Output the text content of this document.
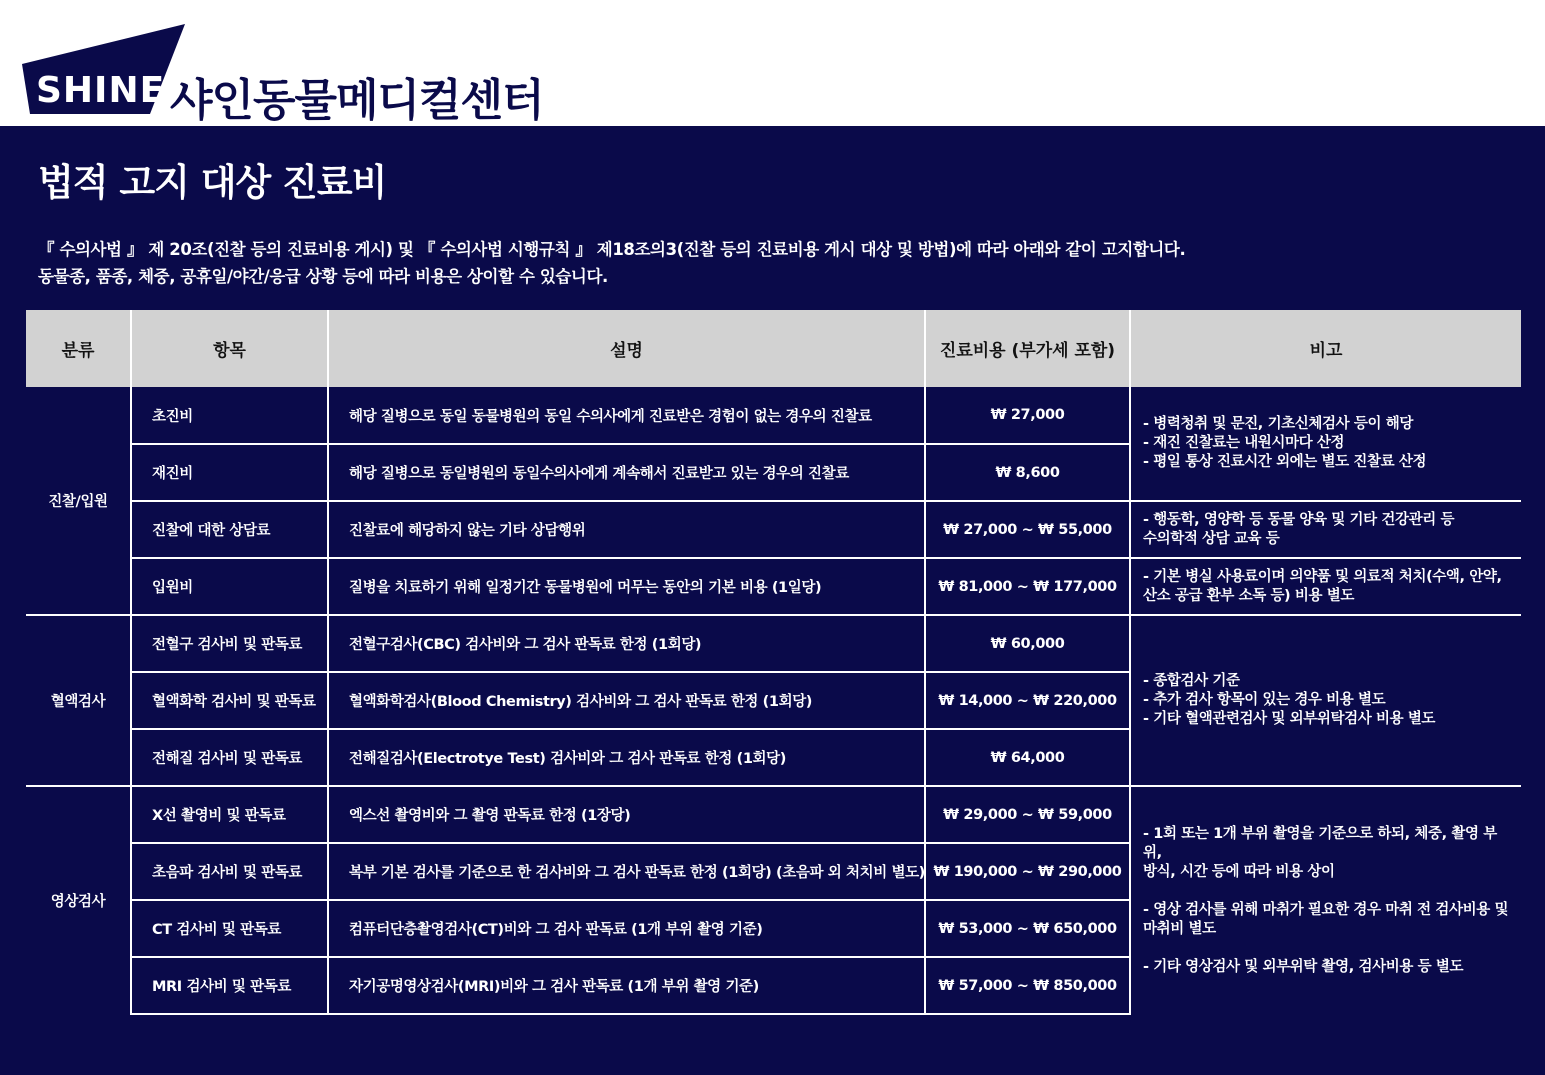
SHINE 샤인동물메디컬센터
법적 고지 대상 진료비
『 수의사법 』 제 20조(진찰 등의 진료비용 게시) 및 『 수의사법 시행규칙 』 제18조의3(진찰 등의 진료비용 게시 대상 및 방법)에 따라 아래와 같이 고지합니다.
동물종, 품종, 체중, 공휴일/야간/응급 상황 등에 따라 비용은 상이할 수 있습니다.
분류	항목	설명	진료비용 (부가세 포함)	비고
진찰/입원	초진비	해당 질병으로 동일 동물병원의 동일 수의사에게 진료받은 경험이 없는 경우의 진찰료	₩ 27,000	- 병력청취 및 문진, 기초신체검사 등이 해당
- 재진 진찰료는 내원시마다 산정
- 평일 통상 진료시간 외에는 별도 진찰료 산정

	재진비	해당 질병으로 동일병원의 동일수의사에게 계속해서 진료받고 있는 경우의 진찰료	₩ 8,600	
	진찰에 대한 상담료	진찰료에 해당하지 않는 기타 상담행위	₩ 27,000 ~ ₩ 55,000	- 행동학, 영양학 등 동물 양육 및 기타 건강관리 등
수의학적 상담 교육 등

	입원비	질병을 치료하기 위해 일정기간 동물병원에 머무는 동안의 기본 비용 (1일당)	₩ 81,000 ~ ₩ 177,000	- 기본 병실 사용료이며 의약품 및 의료적 처치(수액, 안약,
산소 공급 환부 소독 등) 비용 별도

혈액검사	전혈구 검사비 및 판독료	전혈구검사(CBC) 검사비와 그 검사 판독료 한정 (1회당)	₩ 60,000	- 종합검사 기준
- 추가 검사 항목이 있는 경우 비용 별도
- 기타 혈액관련검사 및 외부위탁검사 비용 별도

	혈액화학 검사비 및 판독료	혈액화학검사(Blood Chemistry) 검사비와 그 검사 판독료 한정 (1회당)	₩ 14,000 ~ ₩ 220,000	
	전해질 검사비 및 판독료	전해질검사(Electrotye Test) 검사비와 그 검사 판독료 한정 (1회당)	₩ 64,000	
영상검사	X선 촬영비 및 판독료	엑스선 촬영비와 그 촬영 판독료 한정 (1장당)	₩ 29,000 ~ ₩ 59,000	- 1회 또는 1개 부위 촬영을 기준으로 하되, 체중, 촬영 부위,
방식, 시간 등에 따라 비용 상이
- 영상 검사를 위해 마취가 필요한 경우 마취 전 검사비용 및
마취비 별도
- 기타 영상검사 및 외부위탁 촬영, 검사비용 등 별도

	초음파 검사비 및 판독료	복부 기본 검사를 기준으로 한 검사비와 그 검사 판독료 한정 (1회당) (초음파 외 처치비 별도)	₩ 190,000 ~ ₩ 290,000	
	CT 검사비 및 판독료	컴퓨터단층촬영검사(CT)비와 그 검사 판독료 (1개 부위 촬영 기준)	₩ 53,000 ~ ₩ 650,000	
	MRI 검사비 및 판독료	자기공명영상검사(MRI)비와 그 검사 판독료 (1개 부위 촬영 기준)	₩ 57,000 ~ ₩ 850,000	
